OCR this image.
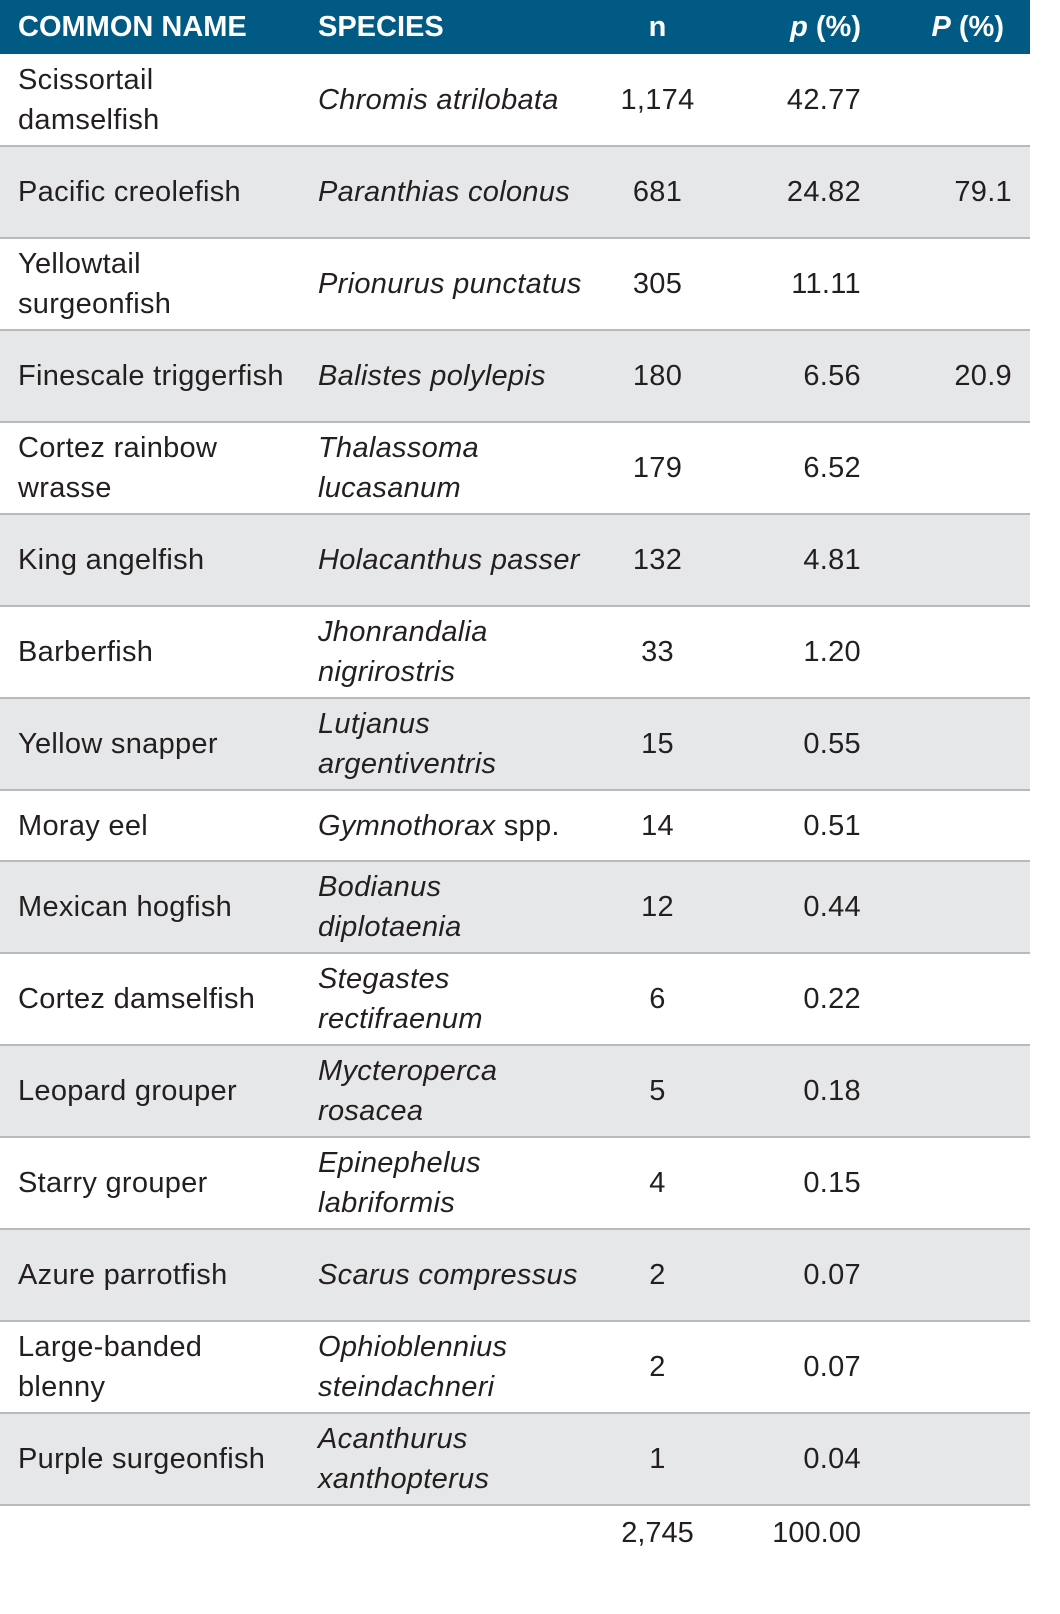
COMMON NAME	SPECIES	n	p (%)	P (%)
Scissortail damselfish	Chromis atrilobata	1,174	42.77	
Pacific creolefish	Paranthias colonus	681	24.82	79.1
Yellowtail surgeonfish	Prionurus punctatus	305	11.11	
Finescale triggerfish	Balistes polylepis	180	6.56	20.9
Cortez rainbow wrasse	Thalassoma lucasanum	179	6.52	
King angelfish	Holacanthus passer	132	4.81	
Barberfish	Jhonrandalia nigrirostris	33	1.20	
Yellow snapper	Lutjanus argentiventris	15	0.55	
Moray eel	Gymnothorax spp.	14	0.51	
Mexican hogfish	Bodianus diplotaenia	12	0.44	
Cortez damselfish	Stegastes rectifraenum	6	0.22	
Leopard grouper	Mycteroperca rosacea	5	0.18	
Starry grouper	Epinephelus labriformis	4	0.15	
Azure parrotfish	Scarus compressus	2	0.07	
Large-banded blenny	Ophioblennius steindachneri	2	0.07	
Purple surgeonfish	Acanthurus xanthopterus	1	0.04	
		2,745	100.00	
